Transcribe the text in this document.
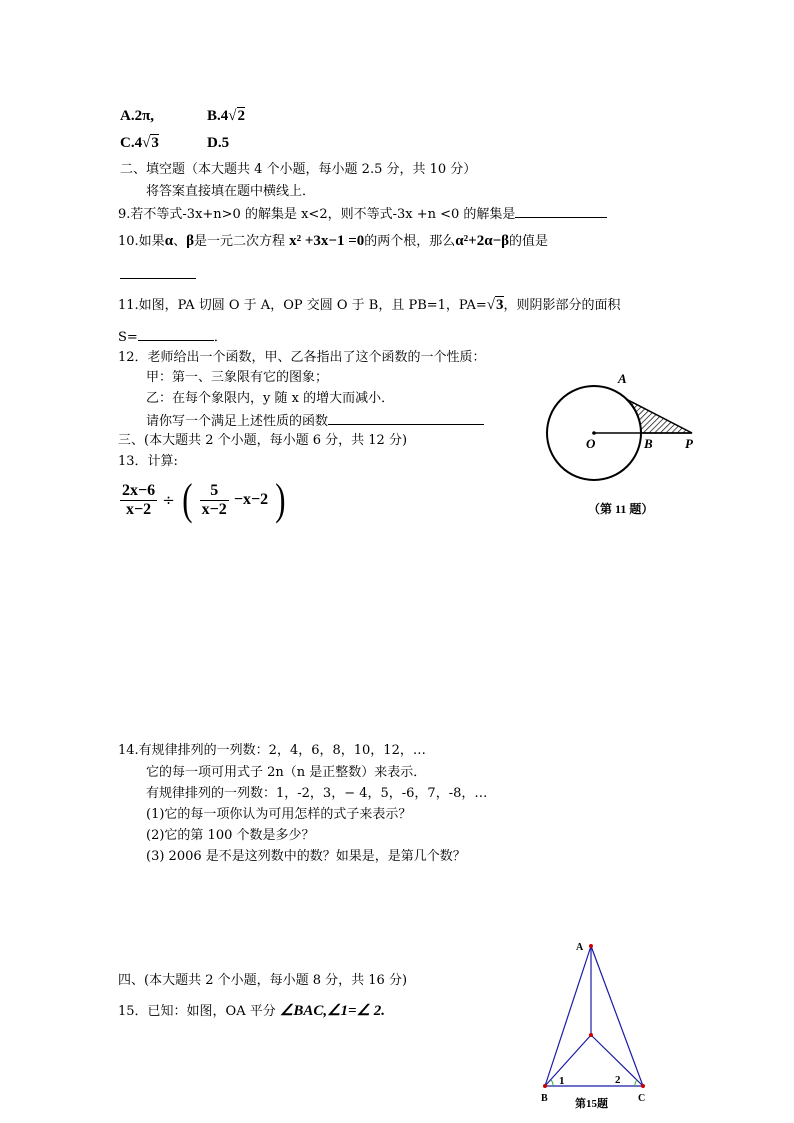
A.2π,	B.4√2
C.4√3	D.5
二、填空题（本大题共 4 个小题，每小题 2.5 分，共 10 分）
将答案直接填在题中横线上．
9.若不等式-3x+n>0 的解集是 x<2，则不等式-3x +n <0 的解集是
10.如果α、β是一元二次方程 x² +3x−1 =0的两个根，那么α²+2α−β的值是
11.如图，PA 切圆 O 于 A，OP 交圆 O 于 B，且 PB=1，PA=√3，则阴影部分的面积
S=	．
12．老师给出一个函数，甲、乙各指出了这个函数的一个性质：
甲：第一、三象限有它的图象；
乙：在每个象限内，y 随 x 的增大而减小．
请你写一个满足上述性质的函数
三、(本大题共 2 个小题，每小题 6 分，共 12 分)
13．计算:
$\frac{2x-6}{x-2}$ ÷ ( $\frac{5}{x-2} -x-2$ )
A
O	B P
（第 11 题）
14.有规律排列的一列数：2，4，6，8，10，12，…
它的每一项可用式子 2n（n 是正整数）来表示．
有规律排列的一列数：1，-2，3，− 4，5，-6，7，-8，…
(1)它的每一项你认为可用怎样的式子来表示？
(2)它的第 100 个数是多少？
(3) 2006 是不是这列数中的数？如果是，是第几个数？
四、(本大题共 2 个小题，每小题 8 分，共 16 分)
15．已知：如图，OA 平分 ∠BAC,∠1=∠ 2.
A
B	C
1	2
第15题
